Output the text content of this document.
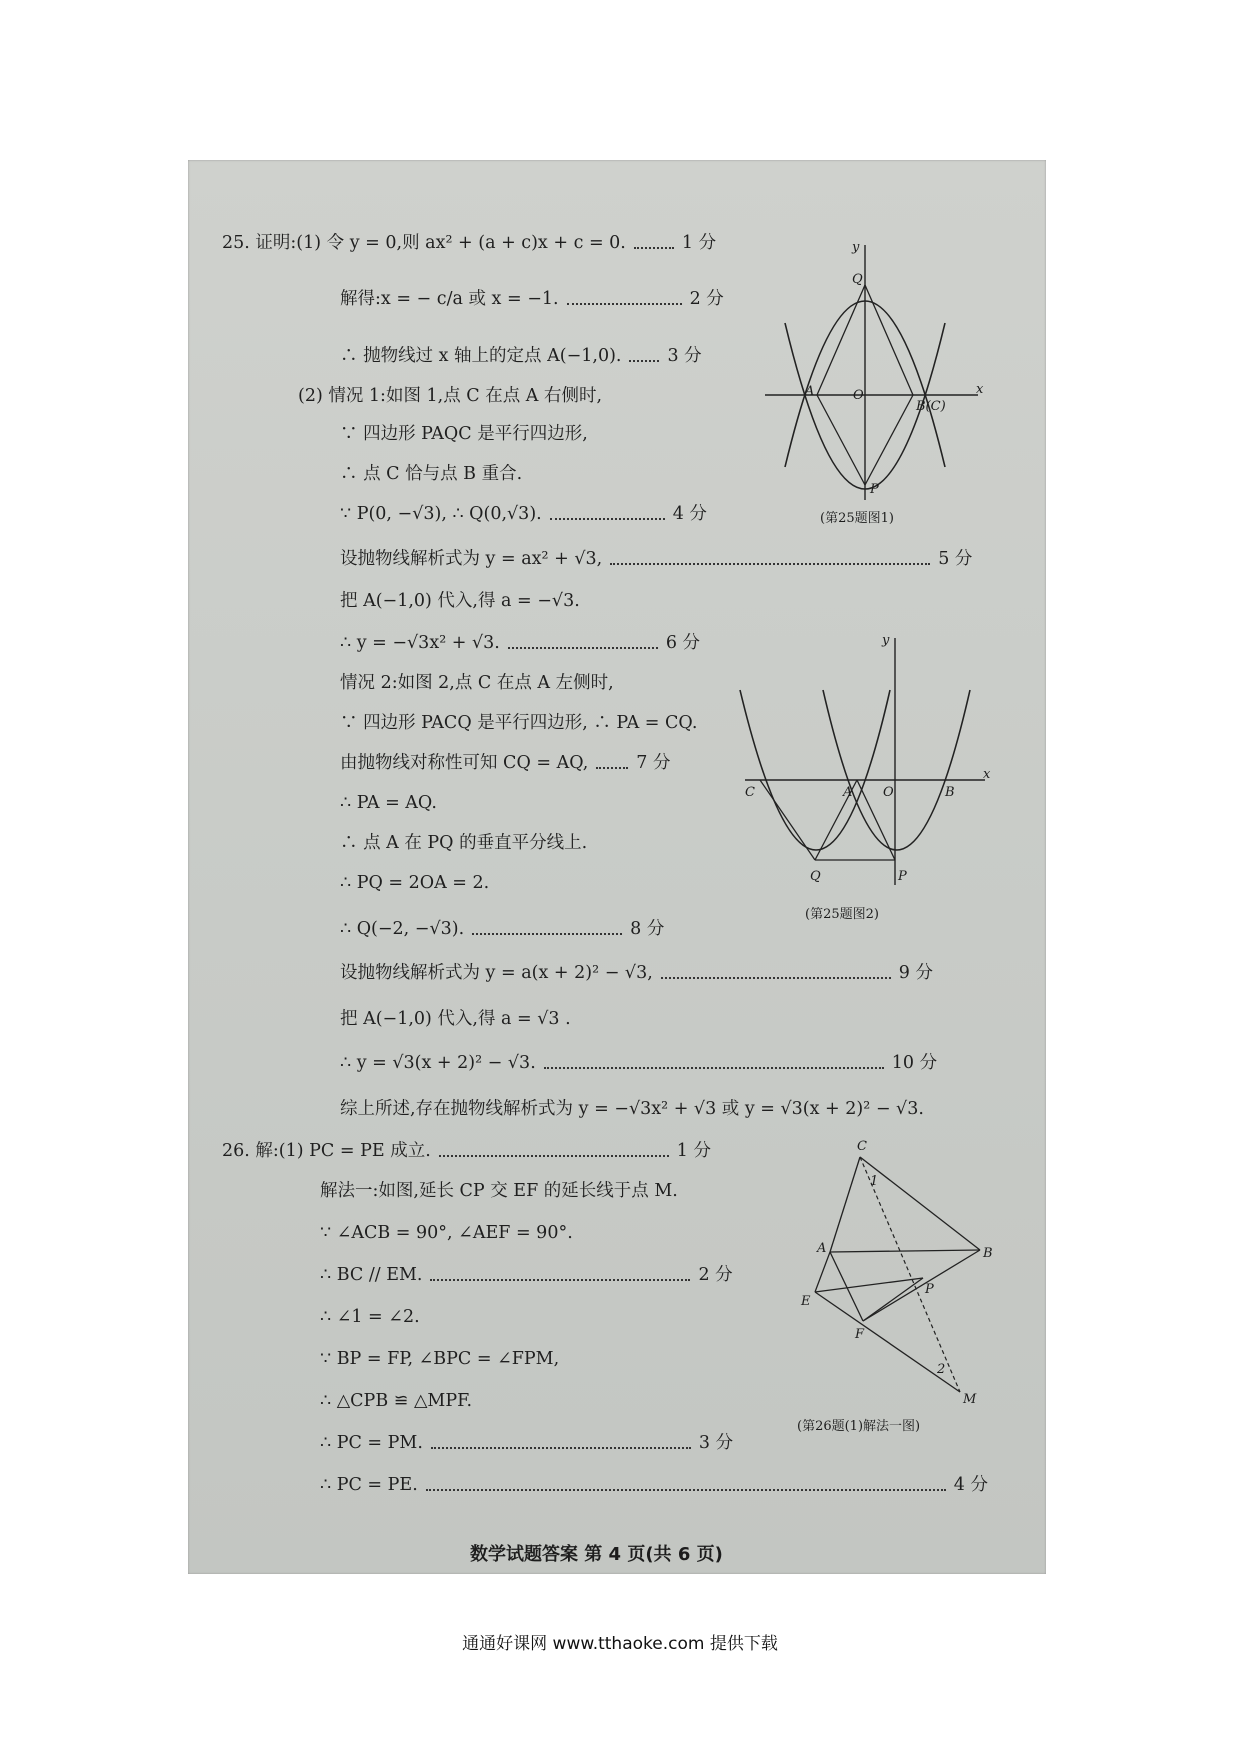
25. 证明:(1) 令 y = 0,则 ax² + (a + c)x + c = 0.	1 分
解得:x = − c/a 或 x = −1.	2 分
∴ 抛物线过 x 轴上的定点 A(−1,0).	3 分
(2) 情况 1:如图 1,点 C 在点 A 右侧时,
∵ 四边形 PAQC 是平行四边形,
∴ 点 C 恰与点 B 重合.
∵ P(0, −√3), ∴ Q(0,√3).	4 分
设抛物线解析式为 y = ax² + √3,	5 分
把 A(−1,0) 代入,得 a = −√3.
∴ y = −√3x² + √3.	6 分
情况 2:如图 2,点 C 在点 A 左侧时,
∵ 四边形 PACQ 是平行四边形, ∴ PA = CQ.
由抛物线对称性可知 CQ = AQ,	7 分
∴ PA = AQ.
∴ 点 A 在 PQ 的垂直平分线上.
∴ PQ = 2OA = 2.
∴ Q(−2, −√3).	8 分
设抛物线解析式为 y = a(x + 2)² − √3,	9 分
把 A(−1,0) 代入,得 a = √3 .
∴ y = √3(x + 2)² − √3.	10 分
综上所述,存在抛物线解析式为 y = −√3x² + √3 或 y = √3(x + 2)² − √3.
26. 解:(1) PC = PE 成立.	1 分
解法一:如图,延长 CP 交 EF 的延长线于点 M.
∵ ∠ACB = 90°, ∠AEF = 90°.
∴ BC // EM.	2 分
∴ ∠1 = ∠2.
∵ BP = FP, ∠BPC = ∠FPM,
∴ △CPB ≌ △MPF.
∴ PC = PM.	3 分
∴ PC = PE.	4 分
y
x
Q
A	O
B(C)
P
(第25题图1)
y
x
C	A O	B
Q	P
(第25题图2)
C
1
A	B
P
E
F
2
M
(第26题(1)解法一图)
数学试题答案 第 4 页(共 6 页)
通通好课网 www.tthaoke.com 提供下载
